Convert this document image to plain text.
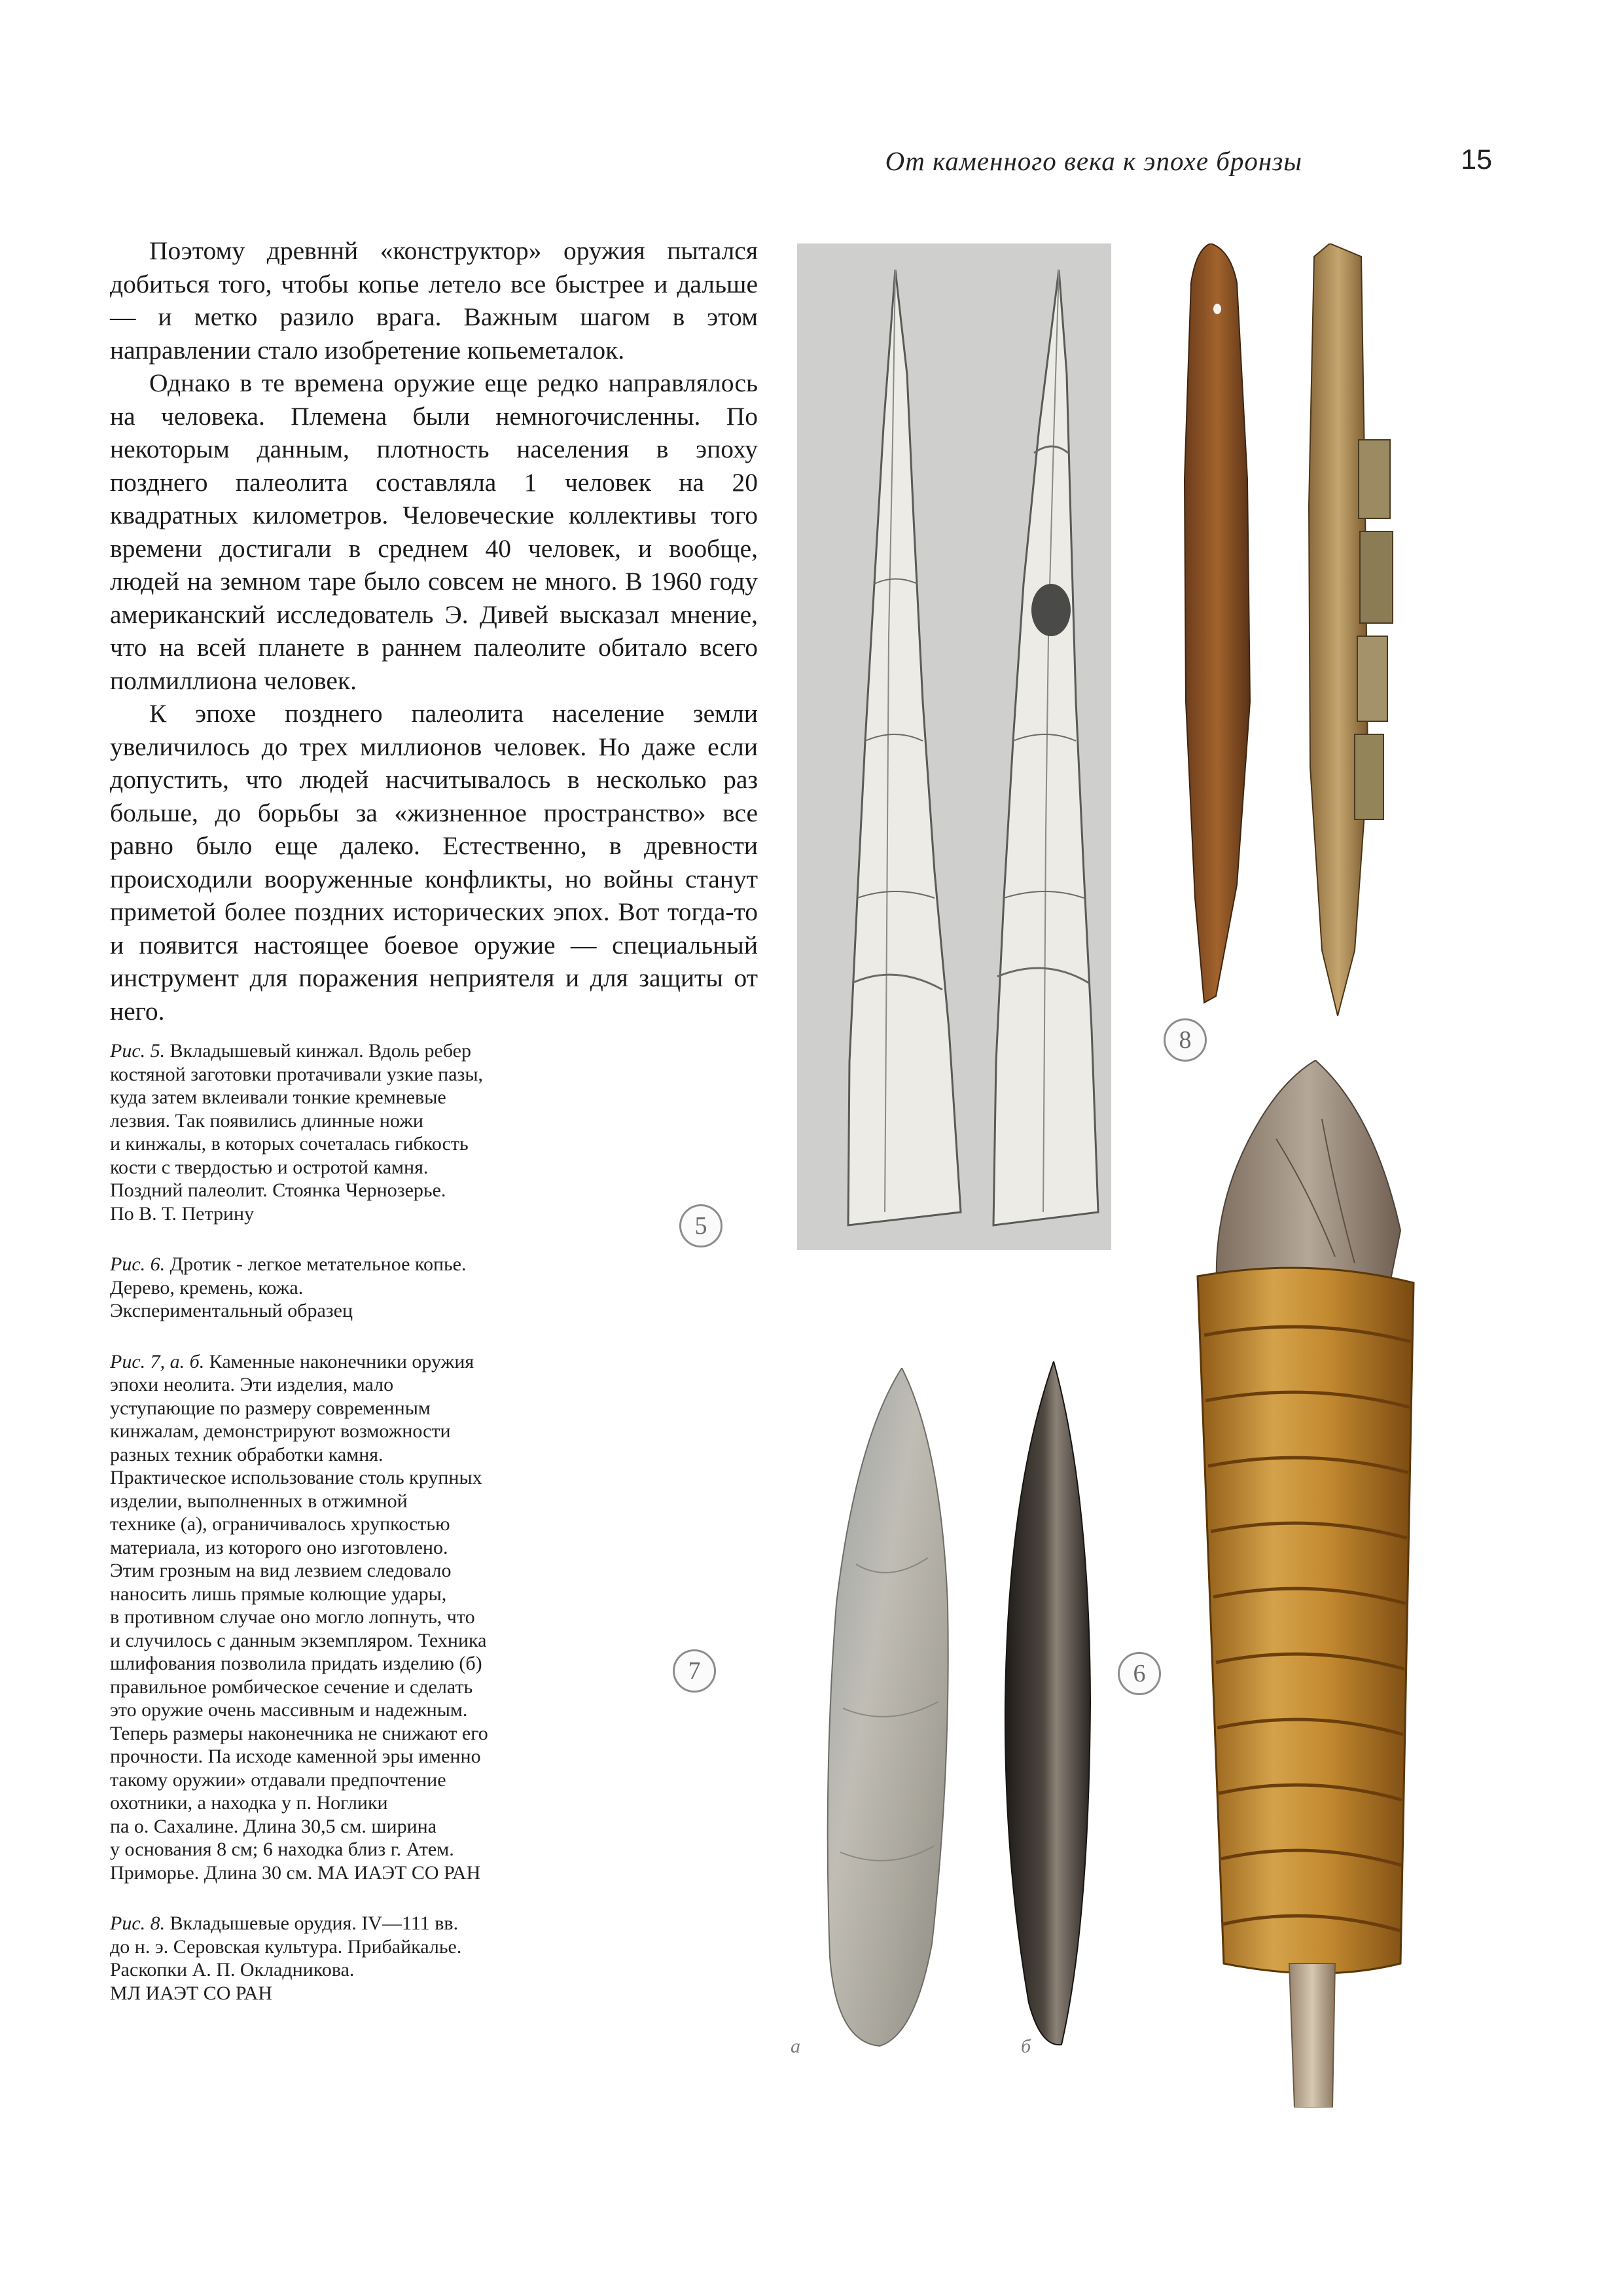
От каменного века к эпохе бронзы	15

Поэтому древннй «конструктор» оружия пытался добиться того, чтобы копье летело все быстрее и дальше — и метко разило врага. Важным шагом в этом направлении стало изобретение копьеметалок.

Однако в те времена оружие еще редко направлялось на человека. Племена были немногочисленны. По некоторым данным, плотность населения в эпоху позднего палеолита составляла 1 человек на 20 квадратных километров. Человеческие коллективы того времени достигали в среднем 40 человек, и вообще, людей на земном таре было совсем не много. В 1960 году американский исследователь Э. Дивей высказал мнение, что на всей планете в раннем палеолите обитало всего полмиллиона человек.

К эпохе позднего палеолита население земли увеличилось до трех миллионов человек. Но даже если допустить, что людей насчитывалось в несколько раз больше, до борьбы за «жизненное пространство» все равно было еще далеко. Естественно, в древности происходили вооруженные конфликты, но войны станут приметой более поздних исторических эпох. Вот тогда-то и появится настоящее боевое оружие — специальный инструмент для поражения неприятеля и для защиты от него.

Рис. 5. Вкладышевый кинжал. Вдоль ребер
костяной заготовки протачивали узкие пазы,
куда затем вклеивали тонкие кремневые
лезвия. Так появились длинные ножи
и кинжалы, в которых сочеталась гибкость
кости с твердостью и остротой камня.
Поздний палеолит. Стоянка Чернозерье.
По В. Т. Петрину
Рис. 6. Дротик - легкое метательное копье.
Дерево, кремень, кожа.
Экспериментальный образец
Рис. 7, а. б. Каменные наконечники оружия
эпохи неолита. Эти изделия, мало
уступающие по размеру современным
кинжалам, демонстрируют возможности
разных техник обработки камня.
Практическое использование столь крупных
изделии, выполненных в отжимной
технике (а), ограничивалось хрупкостью
материала, из которого оно изготовлено.
Этим грозным на вид лезвием следовало
наносить лишь прямые колющие удары,
в противном случае оно могло лопнуть, что
и случилось с данным экземпляром. Техника
шлифования позволила придать изделию (б)
правильное ромбическое сечение и сделать
это оружие очень массивным и надежным.
Теперь размеры наконечника не снижают его
прочности. Па исходе каменной эры именно
такому оружии» отдавали предпочтение
охотники, а находка у п. Ноглики
па о. Сахалине. Длина 30,5 см. ширина
у основания 8 см; 6 находка близ г. Атем.
Приморье. Длина 30 см. МА ИАЭТ СО РАН
Рис. 8. Вкладышевые орудия. IV—111 вв.
до н. э. Серовская культура. Прибайкалье.
Раскопки А. П. Окладникова.
МЛ ИАЭТ СО РАН
5
8
а	б
7	6
